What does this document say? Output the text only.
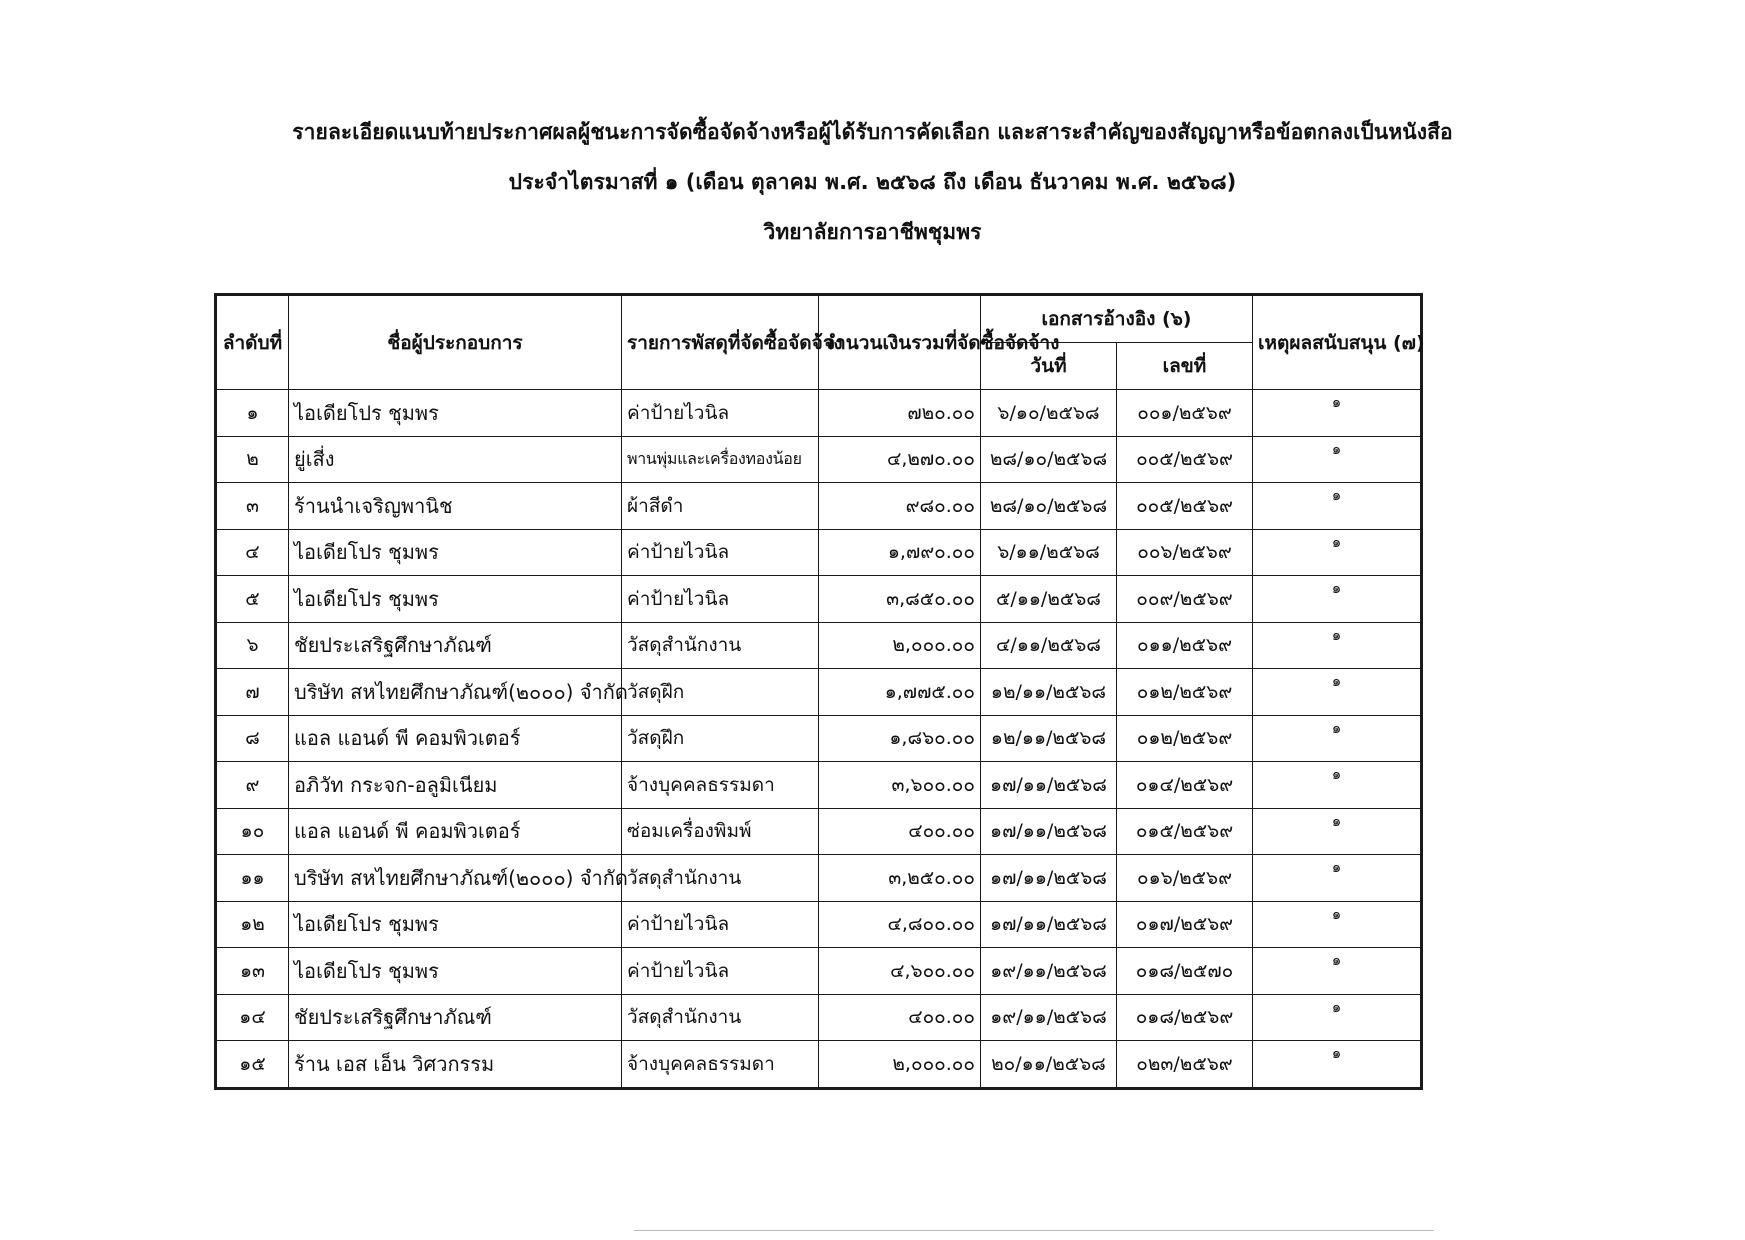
รายละเอียดแนบท้ายประกาศผลผู้ชนะการจัดซื้อจัดจ้างหรือผู้ได้รับการคัดเลือก และสาระสำคัญของสัญญาหรือข้อตกลงเป็นหนังสือ
ประจำไตรมาสที่ ๑ (เดือน ตุลาคม พ.ศ. ๒๕๖๘ ถึง เดือน ธันวาคม พ.ศ. ๒๕๖๘)
วิทยาลัยการอาชีพชุมพร
ลำดับที่	ชื่อผู้ประกอบการ	รายการพัสดุที่จัดซื้อจัดจ้าง	จำนวนเงินรวมที่จัดซื้อจัดจ้าง	เอกสารอ้างอิง (๖)		เหตุผลสนับสนุน (๗)
				วันที่	เลขที่	
๑	ไอเดียโปร ชุมพร	ค่าป้ายไวนิล	๗๒๐.๐๐	๖/๑๐/๒๕๖๘	๐๐๑/๒๕๖๙	๑
๒	ยู่เสี่ง	พานพุ่มและเครื่องทองน้อย	๔,๒๗๐.๐๐	๒๘/๑๐/๒๕๖๘	๐๐๕/๒๕๖๙	๑
๓	ร้านนำเจริญพานิช	ผ้าสีดำ	๙๘๐.๐๐	๒๘/๑๐/๒๕๖๘	๐๐๕/๒๕๖๙	๑
๔	ไอเดียโปร ชุมพร	ค่าป้ายไวนิล	๑,๗๙๐.๐๐	๖/๑๑/๒๕๖๘	๐๐๖/๒๕๖๙	๑
๕	ไอเดียโปร ชุมพร	ค่าป้ายไวนิล	๓,๘๕๐.๐๐	๕/๑๑/๒๕๖๘	๐๐๙/๒๕๖๙	๑
๖	ชัยประเสริฐศึกษาภัณฑ์	วัสดุสำนักงาน	๒,๐๐๐.๐๐	๔/๑๑/๒๕๖๘	๐๑๑/๒๕๖๙	๑
๗	บริษัท สหไทยศึกษาภัณฑ์(๒๐๐๐) จำกัด	วัสดุฝึก	๑,๗๗๕.๐๐	๑๒/๑๑/๒๕๖๘	๐๑๒/๒๕๖๙	๑
๘	แอล แอนด์ พี คอมพิวเตอร์	วัสดุฝึก	๑,๘๖๐.๐๐	๑๒/๑๑/๒๕๖๘	๐๑๒/๒๕๖๙	๑
๙	อภิวัท กระจก-อลูมิเนียม	จ้างบุคคลธรรมดา	๓,๖๐๐.๐๐	๑๗/๑๑/๒๕๖๘	๐๑๔/๒๕๖๙	๑
๑๐	แอล แอนด์ พี คอมพิวเตอร์	ซ่อมเครื่องพิมพ์	๔๐๐.๐๐	๑๗/๑๑/๒๕๖๘	๐๑๕/๒๕๖๙	๑
๑๑	บริษัท สหไทยศึกษาภัณฑ์(๒๐๐๐) จำกัด	วัสดุสำนักงาน	๓,๒๕๐.๐๐	๑๗/๑๑/๒๕๖๘	๐๑๖/๒๕๖๙	๑
๑๒	ไอเดียโปร ชุมพร	ค่าป้ายไวนิล	๔,๘๐๐.๐๐	๑๗/๑๑/๒๕๖๘	๐๑๗/๒๕๖๙	๑
๑๓	ไอเดียโปร ชุมพร	ค่าป้ายไวนิล	๔,๖๐๐.๐๐	๑๙/๑๑/๒๕๖๘	๐๑๘/๒๕๗๐	๑
๑๔	ชัยประเสริฐศึกษาภัณฑ์	วัสดุสำนักงาน	๔๐๐.๐๐	๑๙/๑๑/๒๕๖๘	๐๑๘/๒๕๖๙	๑
๑๕	ร้าน เอส เอ็น วิศวกรรม	จ้างบุคคลธรรมดา	๒,๐๐๐.๐๐	๒๐/๑๑/๒๕๖๘	๐๒๓/๒๕๖๙	๑
